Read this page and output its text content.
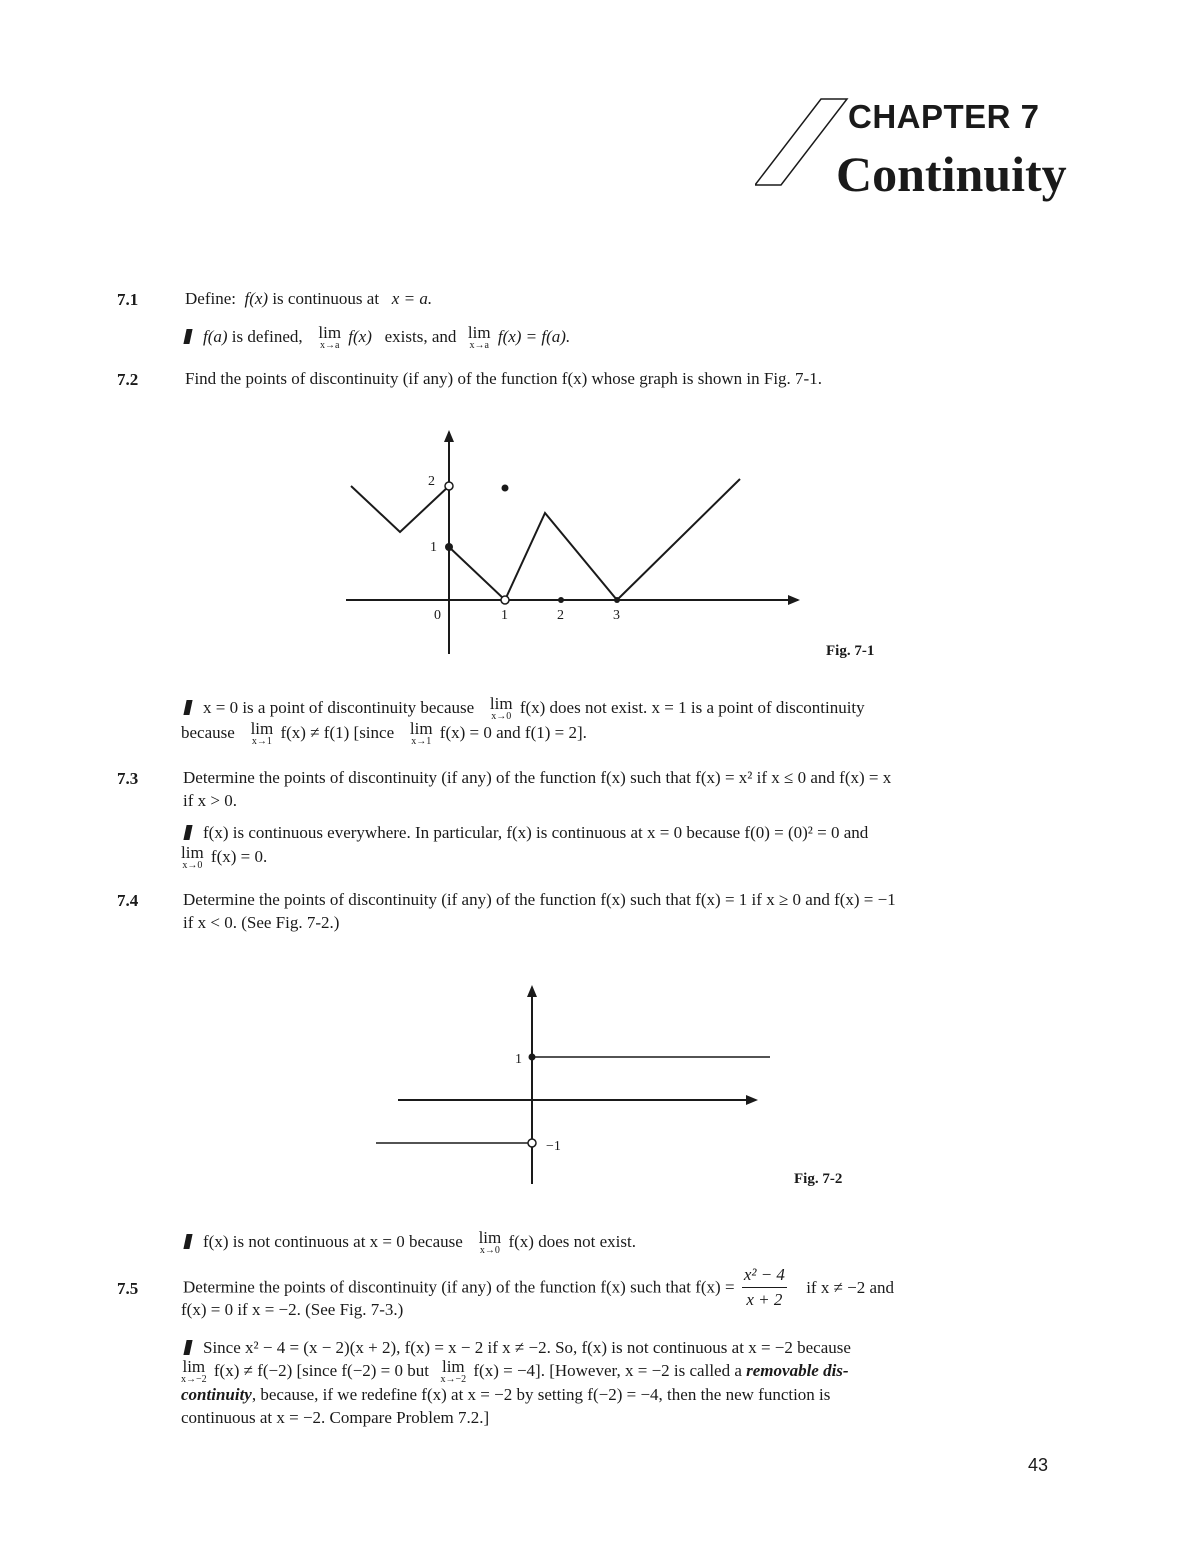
CHAPTER 7
Continuity
7.1	Define: f(x) is continuous at x = a.
f(a) is defined, lim
x→a f(x) exists, and lim
x→a f(x) = f(a).
7.2	Find the points of discontinuity (if any) of the function f(x) whose graph is shown in Fig. 7-1.
2
1
0	1	2	3
Fig. 7-1
x = 0 is a point of discontinuity because lim
x→0 f(x) does not exist. x = 1 is a point of discontinuity
because lim
x→1 f(x) ≠ f(1) [since lim
x→1 f(x) = 0 and f(1) = 2].
7.3	Determine the points of discontinuity (if any) of the function f(x) such that f(x) = x² if x ≤ 0 and f(x) = x
if x > 0.
f(x) is continuous everywhere. In particular, f(x) is continuous at x = 0 because f(0) = (0)² = 0 and
lim
x→0 f(x) = 0.
7.4	Determine the points of discontinuity (if any) of the function f(x) such that f(x) = 1 if x ≥ 0 and f(x) = −1
if x < 0. (See Fig. 7-2.)
1
−1
Fig. 7-2
f(x) is not continuous at x = 0 because lim
x→0 f(x) does not exist.
7.5	Determine the points of discontinuity (if any) of the function f(x) such that $f(x) = \frac{\text{x² − 4}}{x + 2}$ if x ≠ −2 and
f(x) = 0 if x = −2. (See Fig. 7-3.)
Since x² − 4 = (x − 2)(x + 2), f(x) = x − 2 if x ≠ −2. So, f(x) is not continuous at x = −2 because
lim
x→−2 f(x) ≠ f(−2) [since f(−2) = 0 but lim
x→−2 f(x) = −4]. [However, x = −2 is called a removable dis-
continuity, because, if we redefine f(x) at x = −2 by setting f(−2) = −4, then the new function is
continuous at x = −2. Compare Problem 7.2.]
43
